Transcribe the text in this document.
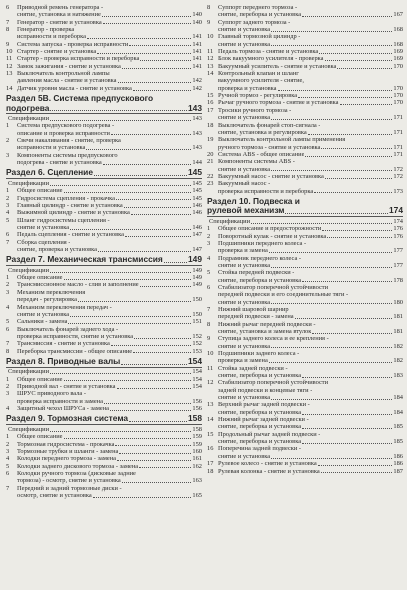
6	Приводной ремень генератора -
снятие, установка и натяжение	140
7	Генератор - снятие и установка	140
8	Генератор - проверка
исправности и переборка	141
9	Система запуска - проверка исправности	141
10 Стартер - снятие и установка	141
11 Стартер - проверка исправности и переборка	141
12 Замок зажигания - снятие и установка	141
13 Выключатель контрольной лампы
давления масла - снятие и установка	142
14 Датчик уровня масла - снятие и установка	142
Раздел 5В. Система предпускового
подогрева	143
Спецификации	143
1	Система предпускового подогрева -
описание и проверка исправности	143
2	Свечи накаливания - снятие, проверка
исправности и установка	143
3	Компоненты системы предпускового
подогрева - снятие и установка	144
Раздел 6. Сцепление	145
Спецификации	145
1	Общее описание	145
2	Гидросистема сцепления - прокачка	145
3	Главный цилиндр - снятие и установка	146
4	Выжимной цилиндр - снятие и установка	146
5	Шланг гидросистемы сцепления -
снятие и установка	146
6	Педаль сцепления - снятие и установка	147
7	Сборка сцепления -
снятие, проверка и установка	147
Раздел 7. Механическая трансмиссия	149
Спецификации	149
1	Общее описание	149
2	Трансмиссионное масло - слив и заполнение	149
3	Механизм переключения
передач - регулировка	150
4	Механизм переключения передач -
снятие и установка	150
5	Сальники - замена	151
6	Выключатель фонарей заднего хода -
проверка исправности, снятие и установка	152
7	Трансмиссия - снятие и установка	152
8	Переборка трансмиссии - общее описание	153
Раздел 8. Приводные валы	154
Спецификации	154
1	Общее описание	154
2	Приводной вал - снятие и установка	154
3	ШРУС приводного вала -
проверка исправности и замена	156
4	Защитный чехол ШРУСа - замена	156
Раздел 9. Тормозная система	158
Спецификации	158
1	Общее описание	159
2	Тормозная гидросистема - прокачка	159
3	Тормозные трубки и шланги - замена	160
4	Колодки переднего тормоза - замена	161
5	Колодки заднего дискового тормоза - замена	162
6	Колодки ручного тормоза (дисковые задние
тормоза) - осмотр, снятие и установка	163
7	Передний и задний тормозные диски -
осмотр, снятие и установка	165
8	Суппорт переднего тормоза -
снятие, переборка и установка	167
9	Суппорт заднего тормоза -
снятие и установка	168
10 Главный тормозной цилиндр -
снятие и установка	168
11 Педаль тормоза - снятие и установка	169
12 Блок вакуумного усилителя - проверка	169
13 Вакуумный усилитель - снятие и установка	170
14 Контрольный клапан и шланг
вакуумного усилителя - снятие,
проверка и установка	170
15 Ручной тормоз - регулировка	170
16 Рычаг ручного тормоза - снятие и установка	170
17 Тросики ручного тормоза -
снятие и установка	171
18 Выключатель фонарей стоп-сигнала -
снятие, установка и регулировка	171
19 Выключатель контрольной лампы применения
ручного тормоза - снятие и установка	171
20 Система ABS - общее описание	171
21 Компоненты системы ABS -
снятие и установка	172
22 Вакуумный насос - снятие и установка	172
23 Вакуумный насос -
проверка исправности и переборка	173
Раздел 10. Подвеска и
рулевой механизм	174
Спецификации	174
1	Общее описание и предосторожности	176
2	Поворотный кулак - снятие и установка	176
3	Подшипники переднего колеса -
проверка и замена	177
4	Подрамник переднего колеса -
снятие и установка	177
5	Стойка передней подвески -
снятие, переборка и установка	178
6	Стабилизатор поперечной устойчивости
передней подвески и его соединительные тяги -
снятие и установка	180
7	Нижний шаровой шарнир
передней подвески - замена	181
8	Нижний рычаг передней подвески -
снятие, установка и замена втулок	181
9	Ступица заднего колеса и ее крепления -
снятие и установка	182
10 Подшипники заднего колеса -
проверка и замена	182
11 Стойка задней подвески -
снятие, переборка и установка	183
12 Стабилизатор поперечной устойчивости
задней подвески и концевые тяги -
снятие и установка	184
13 Верхний рычаг задней подвески -
снятие, переборка и установка	184
14 Нижний рычаг задней подвески -
снятие, переборка и установка	185
15 Продольный рычаг задней подвески -
снятие, переборка и установка	185
16 Поперечина задней подвески -
снятие и установка	186
17 Рулевое колесо - снятие и установка	186
18 Рулевая колонка - снятие и установка	187
